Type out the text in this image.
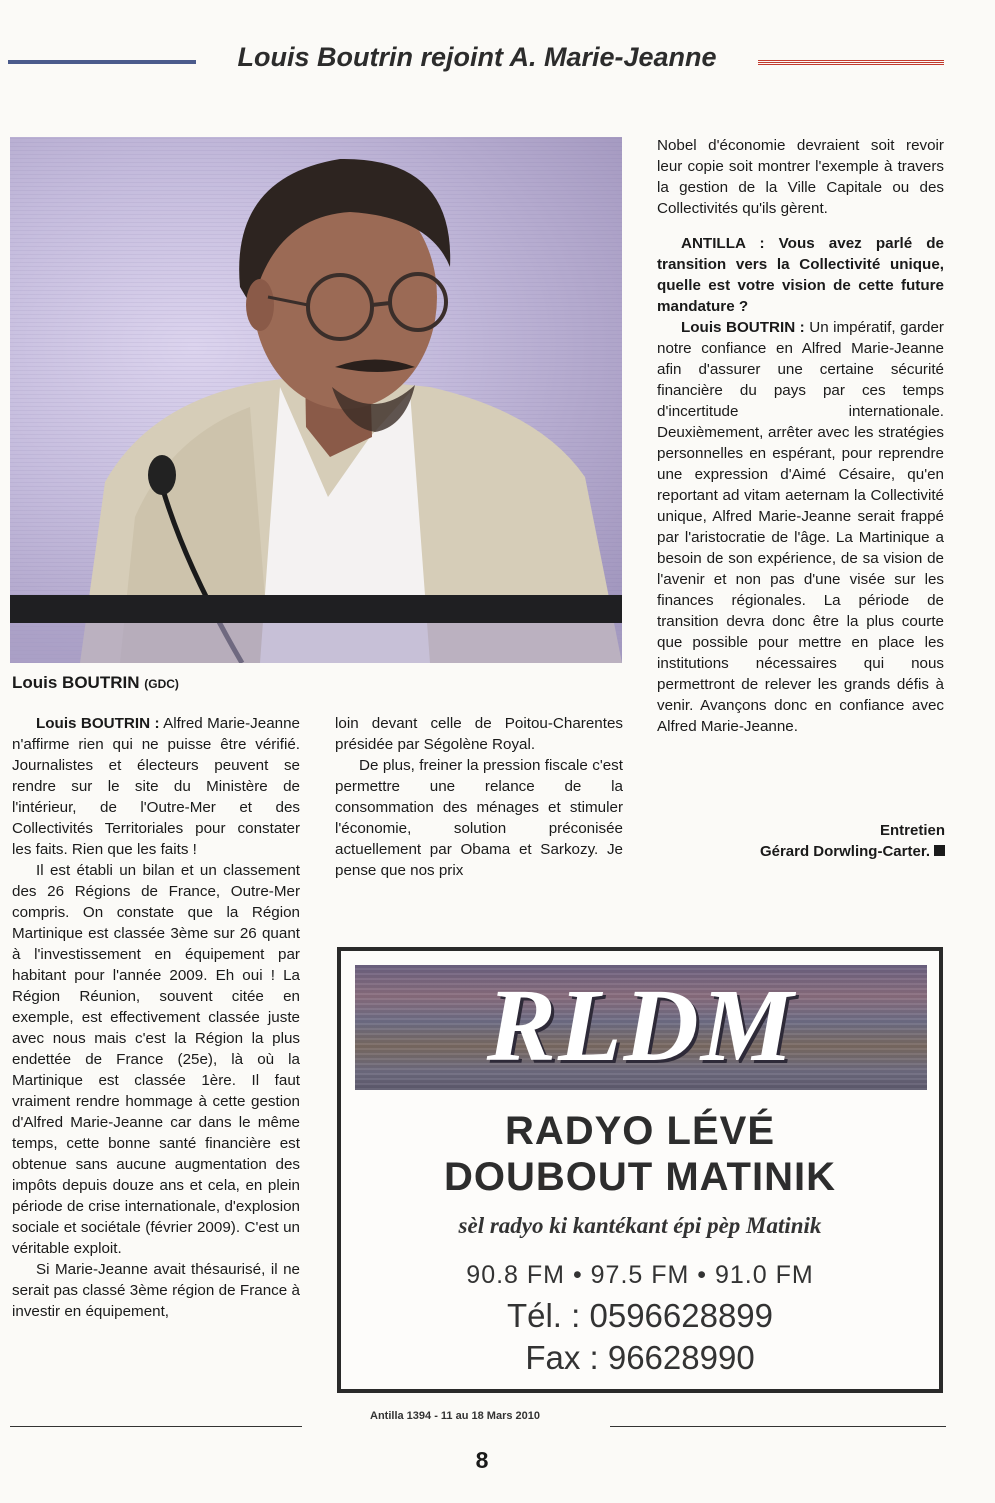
Louis Boutrin rejoint A. Marie-Jeanne
Louis BOUTRIN (GDC)

Louis BOUTRIN : Alfred Marie-Jeanne n'affirme rien qui ne puisse être vérifié. Journalistes et électeurs peuvent se rendre sur le site du Ministère de l'intérieur, de l'Outre-Mer et des Collectivités Territoriales pour constater les faits. Rien que les faits !

Il est établi un bilan et un classement des 26 Régions de France, Outre-Mer compris. On constate que la Région Martinique est classée 3ème sur 26 quant à l'investissement en équipement par habitant pour l'année 2009. Eh oui ! La Région Réunion, souvent citée en exemple, est effectivement classée juste avec nous mais c'est la Région la plus endettée de France (25e), là où la Martinique est classée 1ère. Il faut vraiment rendre hommage à cette gestion d'Alfred Marie-Jeanne car dans le même temps, cette bonne santé financière est obtenue sans aucune augmentation des impôts depuis douze ans et cela, en plein période de crise internationale, d'explosion sociale et sociétale (février 2009). C'est un véritable exploit.

Si Marie-Jeanne avait thésaurisé, il ne serait pas classé 3ème région de France à investir en équipement,

loin devant celle de Poitou-Charentes présidée par Ségolène Royal.

De plus, freiner la pression fiscale c'est permettre une relance de la consommation des ménages et stimuler l'économie, solution préconisée actuellement par Obama et Sarkozy. Je pense que nos prix

Nobel d'économie devraient soit revoir leur copie soit montrer l'exemple à travers la gestion de la Ville Capitale ou des Collectivités qu'ils gèrent.

ANTILLA : Vous avez parlé de transition vers la Collectivité unique, quelle est votre vision de cette future mandature ?

Louis BOUTRIN : Un impératif, garder notre confiance en Alfred Marie-Jeanne afin d'assurer une certaine sécurité financière du pays par ces temps d'incertitude internationale. Deuxièmement, arrêter avec les stratégies personnelles en espérant, pour reprendre une expression d'Aimé Césaire, qu'en reportant ad vitam aeternam la Collectivité unique, Alfred Marie-Jeanne serait frappé par l'aristocratie de l'âge. La Martinique a besoin de son expérience, de sa vision de l'avenir et non pas d'une visée sur les finances régionales. La période de transition devra donc être la plus courte que possible pour mettre en place les institutions nécessaires qui nous permettront de relever les grands défis à venir. Avançons donc en confiance avec Alfred Marie-Jeanne.

Entretien
Gérard Dorwling-Carter.
RLDM
RADYO LÉVÉ
DOUBOUT MATINIK
sèl radyo ki kantékant épi pèp Matinik
90.8 FM • 97.5 FM • 91.0 FM
Tél. : 0596628899
Fax : 96628990
Antilla 1394 - 11 au 18 Mars 2010
8
